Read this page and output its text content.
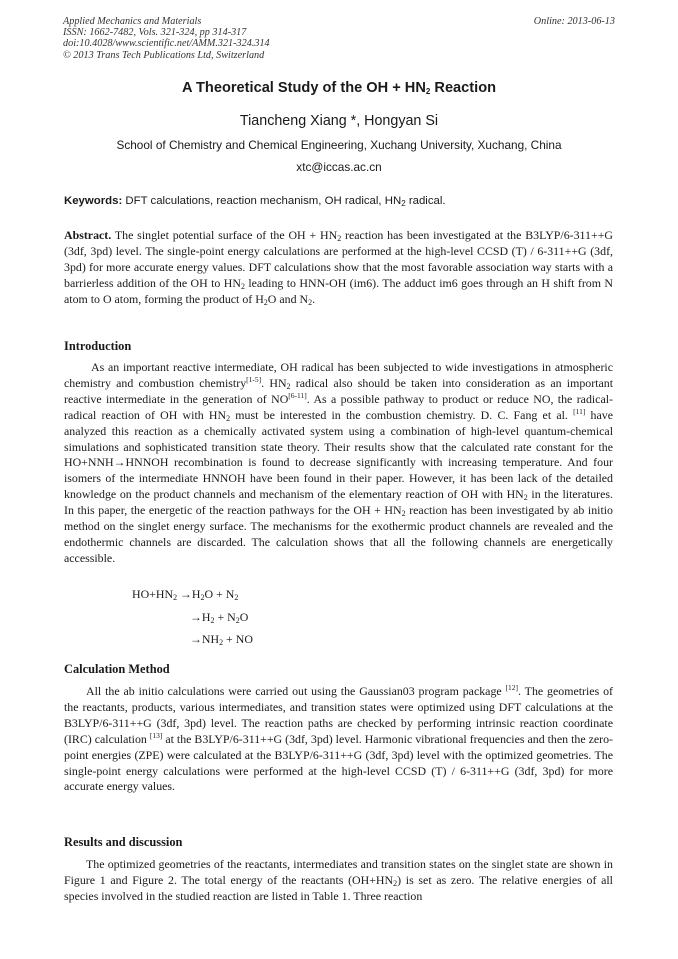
Applied Mechanics and Materials
ISSN: 1662-7482, Vols. 321-324, pp 314-317
doi:10.4028/www.scientific.net/AMM.321-324.314
© 2013 Trans Tech Publications Ltd, Switzerland
Online: 2013-06-13
A Theoretical Study of the OH + $HN_2$ Reaction
Tiancheng Xiang *, Hongyan Si
School of Chemistry and Chemical Engineering, Xuchang University, Xuchang, China
xtc@iccas.ac.cn
Keywords: DFT calculations, reaction mechanism, OH radical, $HN_2$ radical.

Abstract. The singlet potential surface of the OH + $HN_2$ reaction has been investigated at the B3LYP/6-311++G (3df, 3pd) level. The single-point energy calculations are performed at the high-level CCSD (T) / 6-311++G (3df, 3pd) for more accurate energy values. DFT calculations show that the most favorable association way starts with a barrierless addition of the OH to $HN_2$ leading to HNN-OH (im6). The adduct im6 goes through an H shift from N atom to O atom, forming the product of $H_2O$ and $N_2$.

Introduction

As an important reactive intermediate, OH radical has been subjected to wide investigations in atmospheric chemistry and combustion chemistry[1-5]. $HN_2$ radical also should be taken into consideration as an important reactive intermediate in the generation of NO[6-11]. As a possible pathway to product or reduce NO, the radical-radical reaction of OH with $HN_2$ must be interested in the combustion chemistry. D. C. Fang et al. [11] have analyzed this reaction as a chemically activated system using a combination of high-level quantum-chemical simulations and sophisticated transition state theory. Their results show that the calculated rate constant for the HO+NNH→HNNOH recombination is found to decrease significantly with increasing temperature. And four isomers of the intermediate HNNOH have been found in their paper. However, it has been lack of the detailed knowledge on the product channels and mechanism of the elementary reaction of OH with $HN_2$ in the literatures. In this paper, the energetic of the reaction pathways for the OH + $HN_2$ reaction has been investigated by ab initio method on the singlet energy surface. The mechanisms for the exothermic product channels are revealed and the endothermic channels are discarded. The calculation shows that all the following channels are energetically accessible.

$HO+HN_2 \to H_2O + N_2$
$\to H_2 + N_2O$
$\to NH_2$ + NO
Calculation Method

All the ab initio calculations were carried out using the Gaussian03 program package [12]. The geometries of the reactants, products, various intermediates, and transition states were optimized using DFT calculations at the B3LYP/6-311++G (3df, 3pd) level. The reaction paths are checked by performing intrinsic reaction coordinate (IRC) calculation [13] at the B3LYP/6-311++G (3df, 3pd) level. Harmonic vibrational frequencies and then the zero-point energies (ZPE) were calculated at the B3LYP/6-311++G (3df, 3pd) level with the optimized geometries. The single-point energy calculations were performed at the high-level CCSD (T) / 6-311++G (3df, 3pd) for more accurate energy values.

Results and discussion

The optimized geometries of the reactants, intermediates and transition states on the singlet state are shown in Figure 1 and Figure 2. The total energy of the reactants $(OH+HN_2)$ is set as zero. The relative energies of all species involved in the studied reaction are listed in Table 1. Three reaction
